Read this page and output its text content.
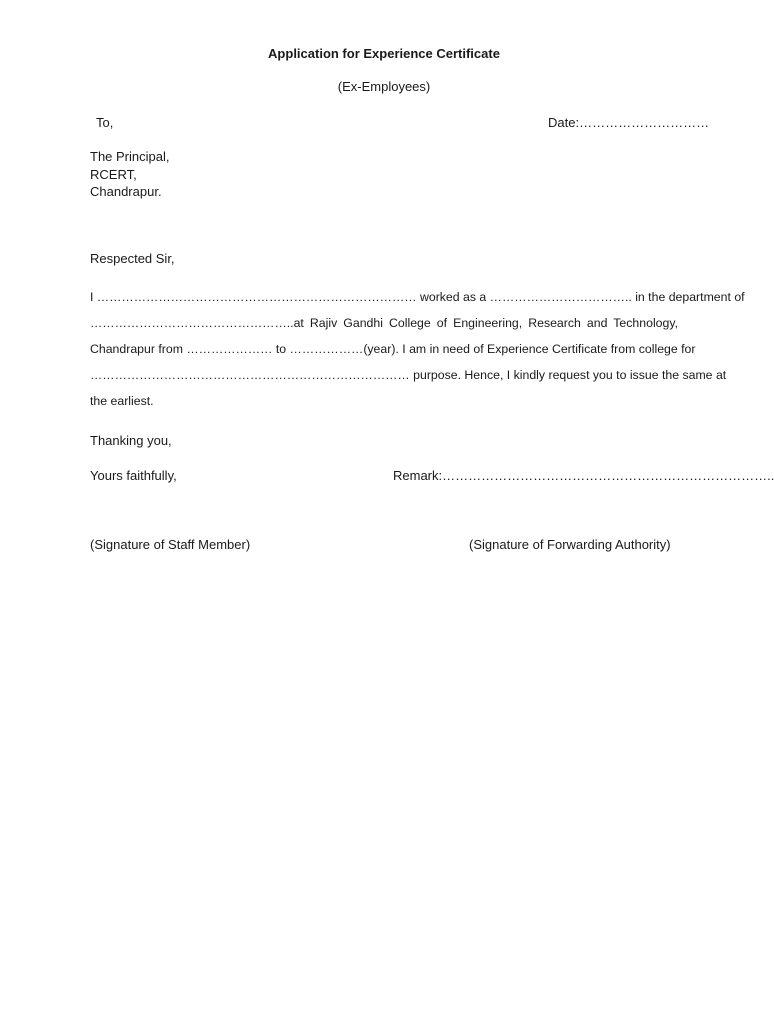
Application for Experience Certificate
(Ex-Employees)
To,	Date:…………………………
The Principal,
RCERT,
Chandrapur.
Respected Sir,
I …………………………………………………………………… worked as a …………………………….. in the department of
…………………………………………..at Rajiv Gandhi College of Engineering, Research and Technology,
Chandrapur from ………………… to ………………(year). I am in need of Experience Certificate from college for
…………………………………………………………………… purpose. Hence, I kindly request you to issue the same at
the earliest.
Thanking you,
Yours faithfully,	Remark:…………………………………………………………………..
(Signature of Staff Member)	(Signature of Forwarding Authority)
